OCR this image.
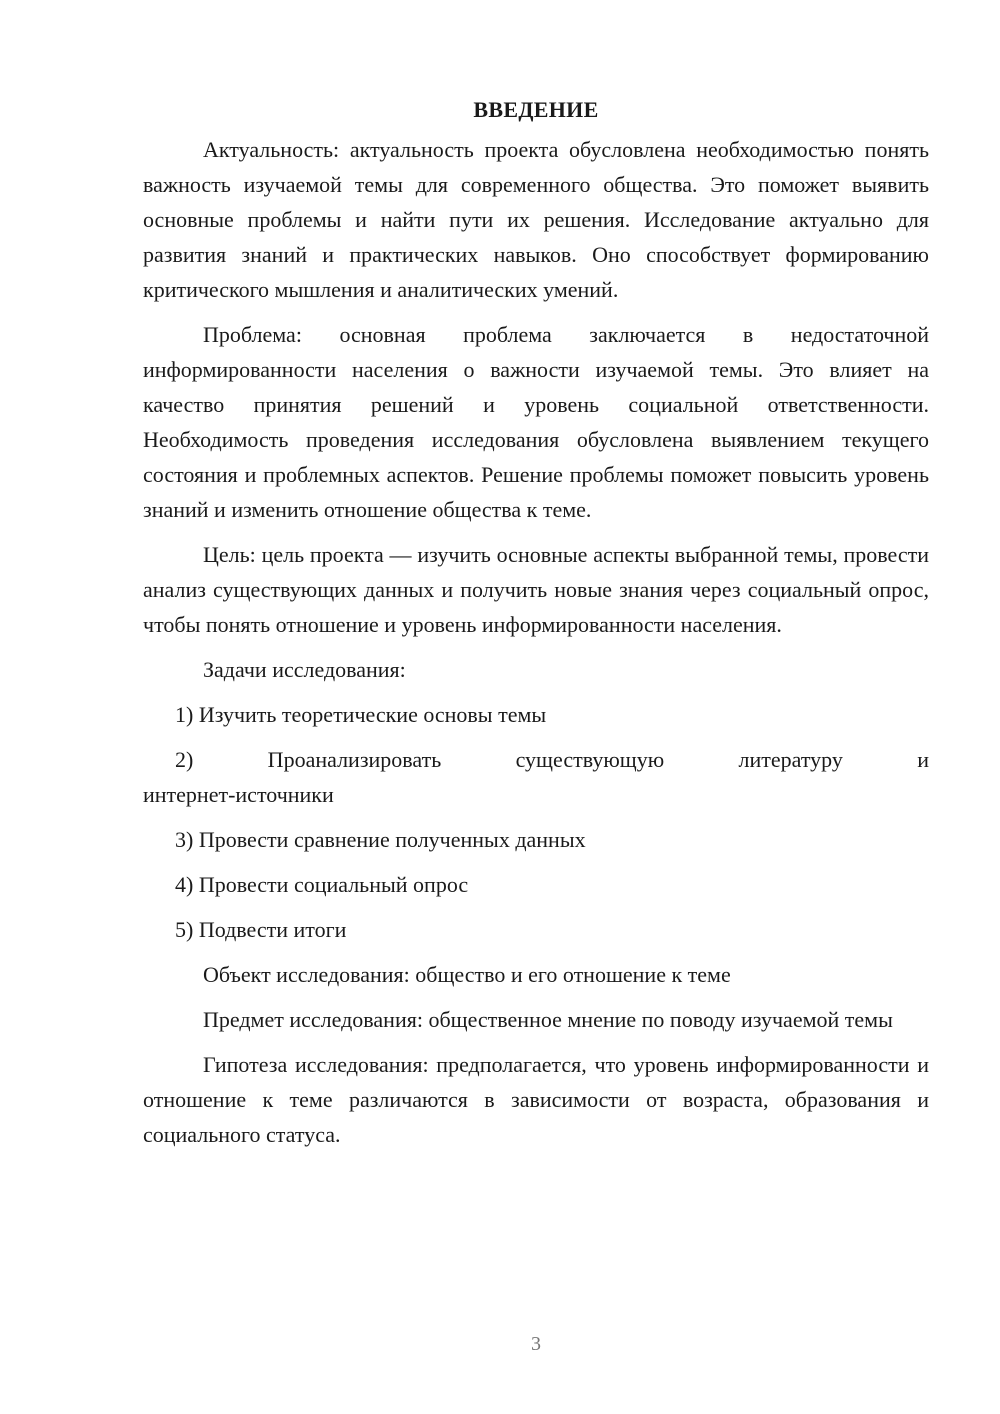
ВВЕДЕНИЕ

Актуальность: актуальность проекта обусловлена необходимостью понять важность изучаемой темы для современного общества. Это поможет выявить основные проблемы и найти пути их решения. Исследование актуально для развития знаний и практических навыков. Оно способствует формированию критического мышления и аналитических умений.

Проблема: основная проблема заключается в недостаточной информированности населения о важности изучаемой темы. Это влияет на качество принятия решений и уровень социальной ответственности. Необходимость проведения исследования обусловлена выявлением текущего состояния и проблемных аспектов. Решение проблемы поможет повысить уровень знаний и изменить отношение общества к теме.

Цель: цель проекта — изучить основные аспекты выбранной темы, провести анализ существующих данных и получить новые знания через социальный опрос, чтобы понять отношение и уровень информированности населения.

Задачи исследования:

1) Изучить теоретические основы темы

2) Проанализировать существующую литературу и
интернет-источники

3) Провести сравнение полученных данных

4) Провести социальный опрос

5) Подвести итоги

Объект исследования: общество и его отношение к теме

Предмет исследования: общественное мнение по поводу изучаемой темы

Гипотеза исследования: предполагается, что уровень информированности и отношение к теме различаются в зависимости от возраста, образования и социального статуса.

3
